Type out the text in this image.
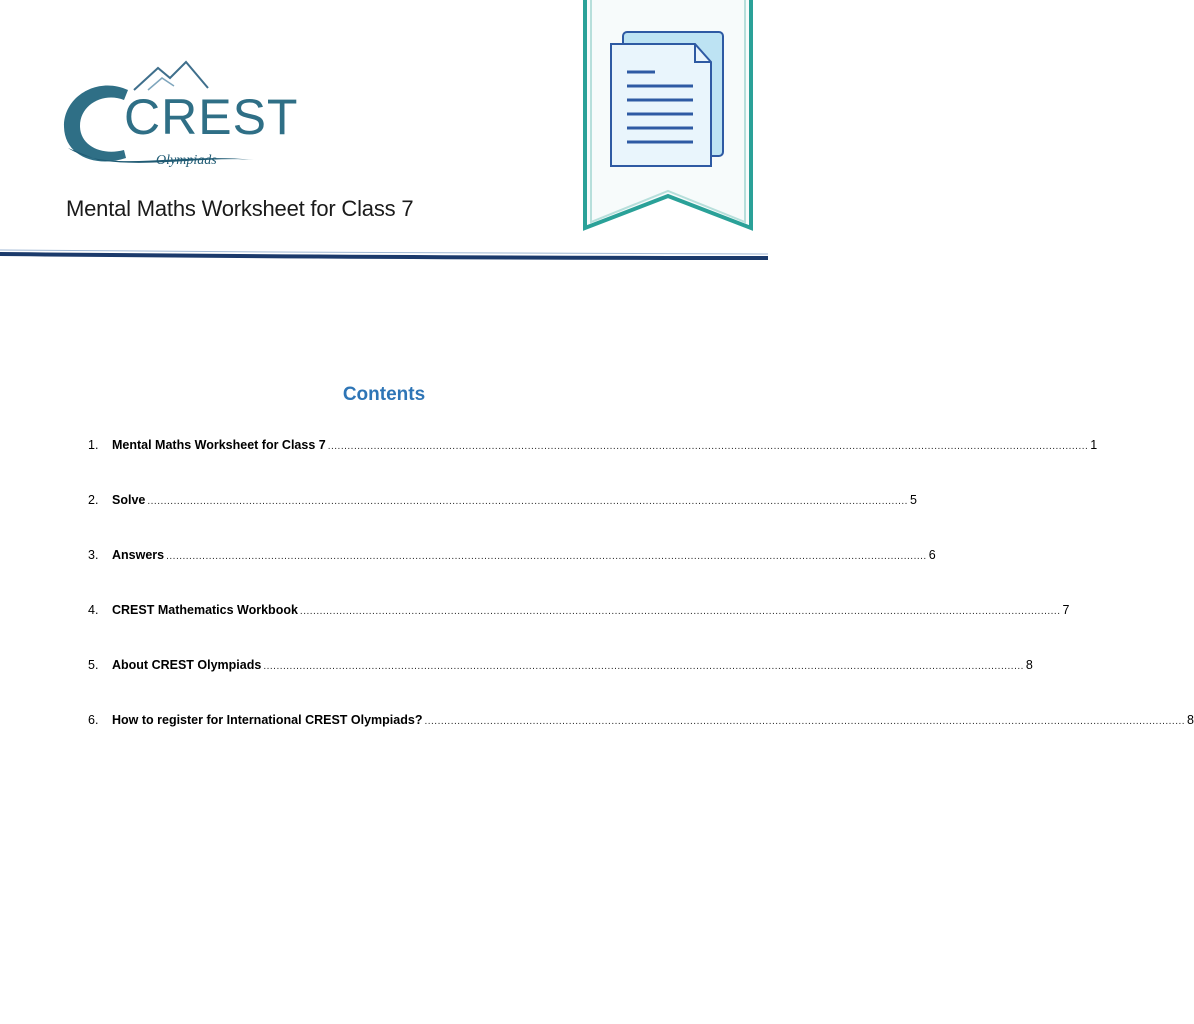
CREST
Olympiads
Mental Maths Worksheet for Class 7
Contents
1.	Mental Maths Worksheet for Class 7 .....	1
2.	Solve .....	5
3.	Answers .....	6
4.	CREST Mathematics Workbook .....	7
5.	About CREST Olympiads .....	8
6.	How to register for International CREST Olympiads? .....	8
